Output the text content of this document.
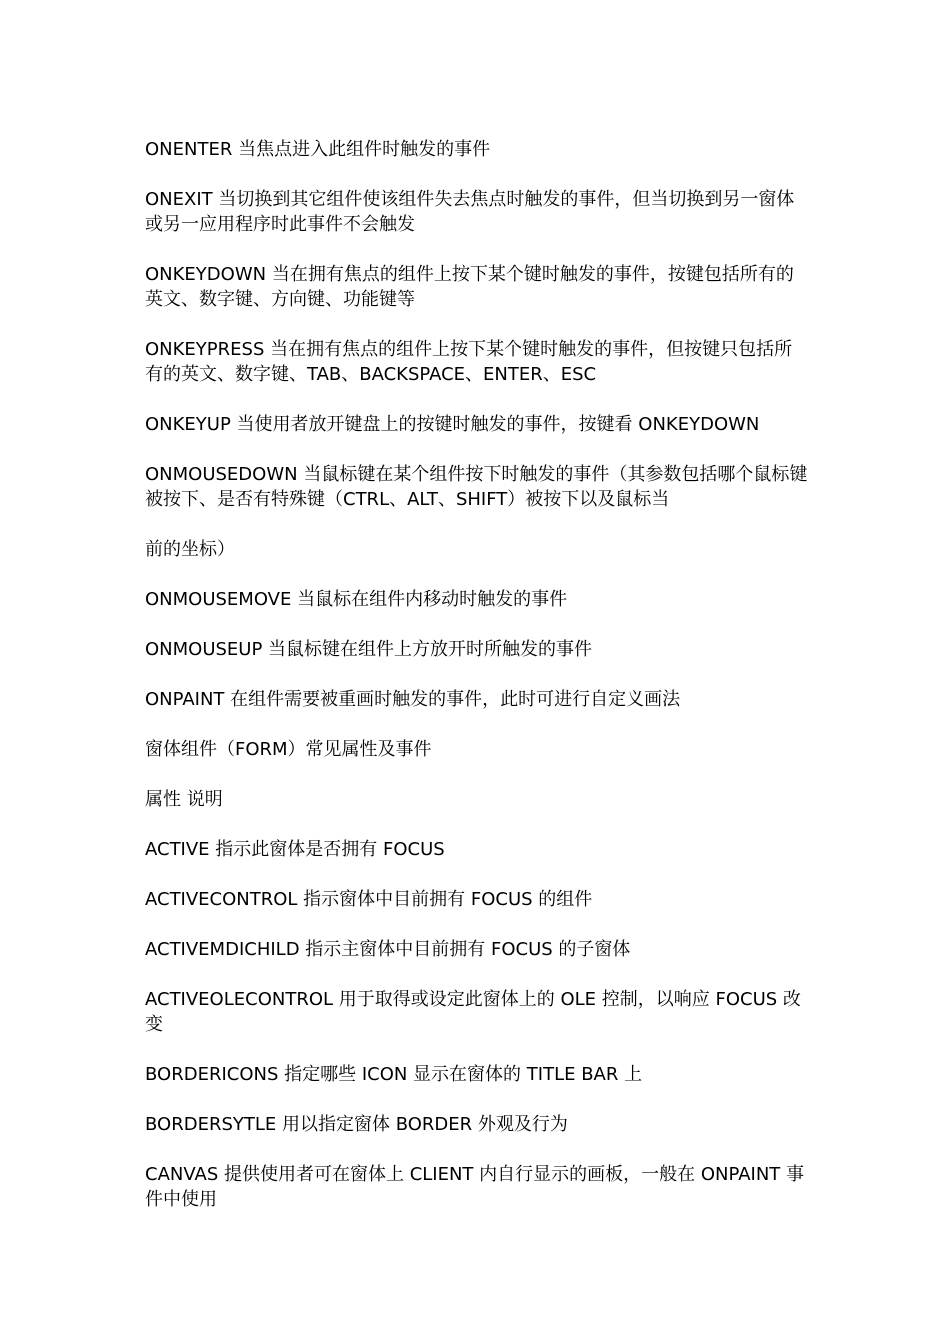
ONENTER 当焦点进入此组件时触发的事件

ONEXIT 当切换到其它组件使该组件失去焦点时触发的事件，但当切换到另一窗体或另一应用程序时此事件不会触发

ONKEYDOWN 当在拥有焦点的组件上按下某个键时触发的事件，按键包括所有的英文、数字键、方向键、功能键等

ONKEYPRESS 当在拥有焦点的组件上按下某个键时触发的事件，但按键只包括所有的英文、数字键、TAB、BACKSPACE、ENTER、ESC

ONKEYUP 当使用者放开键盘上的按键时触发的事件，按键看 ONKEYDOWN

ONMOUSEDOWN 当鼠标键在某个组件按下时触发的事件（其参数包括哪个鼠标键被按下、是否有特殊键（CTRL、ALT、SHIFT）被按下以及鼠标当

前的坐标）

ONMOUSEMOVE 当鼠标在组件内移动时触发的事件

ONMOUSEUP 当鼠标键在组件上方放开时所触发的事件

ONPAINT 在组件需要被重画时触发的事件，此时可进行自定义画法

窗体组件（FORM）常见属性及事件

属性 说明

ACTIVE 指示此窗体是否拥有 FOCUS

ACTIVECONTROL 指示窗体中目前拥有 FOCUS 的组件

ACTIVEMDICHILD 指示主窗体中目前拥有 FOCUS 的子窗体

ACTIVEOLECONTROL 用于取得或设定此窗体上的 OLE 控制，以响应 FOCUS 改变

BORDERICONS 指定哪些 ICON 显示在窗体的 TITLE BAR 上

BORDERSYTLE 用以指定窗体 BORDER 外观及行为

CANVAS 提供使用者可在窗体上 CLIENT 内自行显示的画板，一般在 ONPAINT 事件中使用
